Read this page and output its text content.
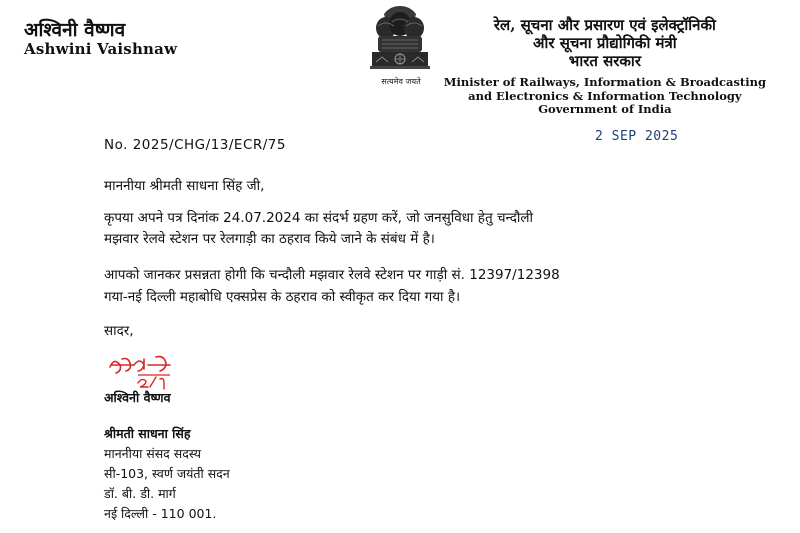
अश्विनी वैष्णव
Ashwini Vaishnaw
सत्यमेव जयते
रेल, सूचना और प्रसारण एवं इलेक्ट्रॉनिकी
और सूचना प्रौद्योगिकी मंत्री
भारत सरकार
Minister of Railways, Information & Broadcasting
and Electronics & Information Technology
Government of India
2 SEP 2025
No. 2025/CHG/13/ECR/75
माननीया श्रीमती साधना सिंह जी,
कृपया अपने पत्र दिनांक 24.07.2024 का संदर्भ ग्रहण करें, जो जनसुविधा हेतु चन्दौली
मझवार रेलवे स्टेशन पर रेलगाड़ी का ठहराव किये जाने के संबंध में है।
आपको जानकर प्रसन्नता होगी कि चन्दौली मझवार रेलवे स्टेशन पर गाड़ी सं. 12397/12398
गया-नई दिल्ली महाबोधि एक्सप्रेस के ठहराव को स्वीकृत कर दिया गया है।
सादर,
अश्विनी वैष्णव
श्रीमती साधना सिंह
माननीया संसद सदस्य
सी-103, स्वर्ण जयंती सदन
डॉ. बी. डी. मार्ग
नई दिल्ली - 110 001.
